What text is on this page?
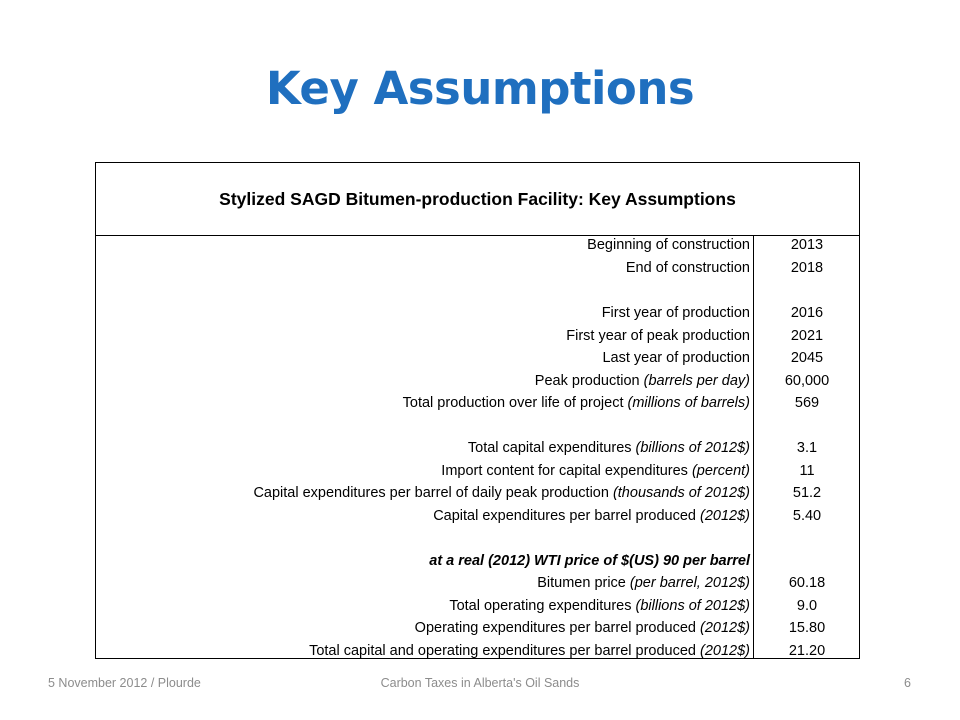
Key Assumptions
Stylized SAGD Bitumen-production Facility: Key Assumptions
Beginning of construction	2013
End of construction	2018
First year of production	2016
First year of peak production	2021
Last year of production	2045
Peak production (barrels per day)	60,000
Total production over life of project (millions of barrels)	569
Total capital expenditures (billions of 2012$)	3.1
Import content for capital expenditures (percent)	11
Capital expenditures per barrel of daily peak production (thousands of 2012$)	51.2
Capital expenditures per barrel produced (2012$)	5.40
at a real (2012) WTI price of $(US) 90 per barrel
Bitumen price (per barrel, 2012$)	60.18
Total operating expenditures (billions of 2012$)	9.0
Operating expenditures per barrel produced (2012$)	15.80
Total capital and operating expenditures per barrel produced (2012$)	21.20
5 November 2012 / Plourde	Carbon Taxes in Alberta's Oil Sands	6
